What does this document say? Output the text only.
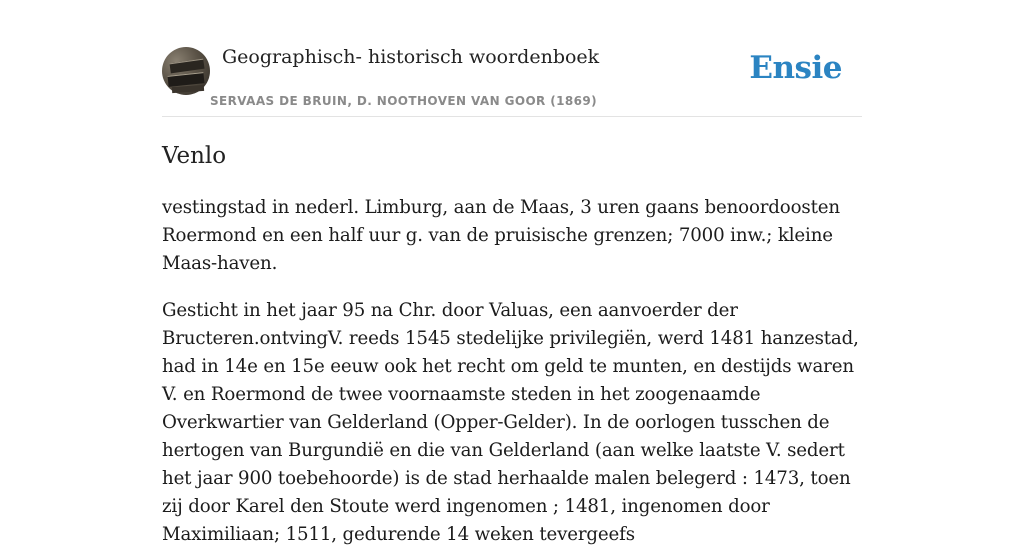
Geographisch- historisch woordenboek
SERVAAS DE BRUIN, D. NOOTHOVEN VAN GOOR (1869)
Ensie
Venlo

vestingstad in nederl. Limburg, aan de Maas, 3 uren gaans benoordoosten Roermond en een half uur g. van de pruisische grenzen; 7000 inw.; kleine Maas-haven.

Gesticht in het jaar 95 na Chr. door Valuas, een aanvoerder der Bructeren.ontvingV. reeds 1545 stedelijke privilegiën, werd 1481 hanzestad, had in 14e en 15e eeuw ook het recht om geld te munten, en destijds waren V. en Roermond de twee voornaamste steden in het zoogenaamde Overkwartier van Gelderland (Opper-Gelder). In de oorlogen tusschen de hertogen van Burgundië en die van Gelderland (aan welke laatste V. sedert het jaar 900 toebehoorde) is de stad herhaalde malen belegerd : 1473, toen zij door Karel den Stoute werd ingenomen ; 1481, ingenomen door Maximiliaan; 1511, gedurende 14 weken tevergeefs
